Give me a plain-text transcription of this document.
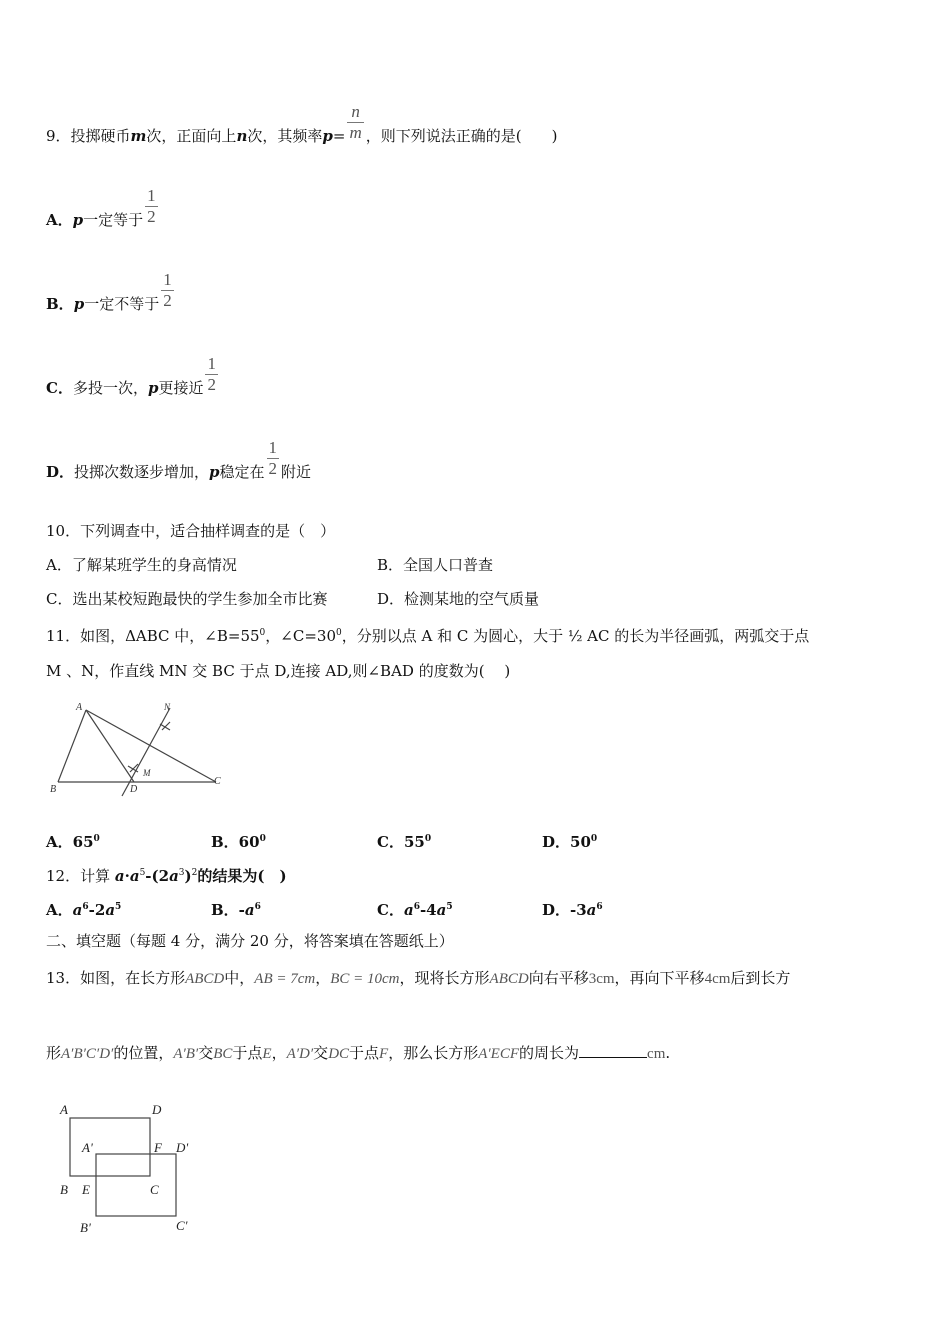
9．投掷硬币m次，正面向上n次，其频率$p= \frac{n}{m}$ ，则下列说法正确的是(　　)
A．p一定等于 $\frac{1}{2}$
B．p一定不等于 $\frac{1}{2}$
C．多投一次，p更接近 $\frac{1}{2}$
D．投掷次数逐步增加，p稳定在 $\frac{1}{2}$ 附近
10．下列调查中，适合抽样调查的是（　）
A．了解某班学生的身高情况	B．全国人口普查
C．选出某校短跑最快的学生参加全市比赛	D．检测某地的空气质量
11．如图，ΔABC 中，$\angle B=55^0$，$\angle C=30^0$，分别以点 A 和 C 为圆心，大于 ½ AC 的长为半径画弧，两弧交于点
M 、N，作直线 MN 交 BC 于点 D,连接 AD,则∠BAD 的度数为(　 )
A
B
C
D
M
N
A．$65^0$	B．$60^0$	C．$55^0$	D．$50^0$
12．计算 $a\cdot a^5-(2a^3)^2$的结果为(　)
A．$a^6-2a^5$	B．$-a^6$	C．$a^6-4a^5$	D．$-3a^6$
二、填空题（每题 4 分，满分 20 分，将答案填在答题纸上）
13．如图，在长方形ABCD中，AB = 7cm，BC = 10cm，现将长方形ABCD向右平移3cm，再向下平移4cm后到长方
形A′B′C′D′的位置，A′B′交BC于点E，A′D′交DC于点F，那么长方形A′ECF的周长为	cm.
A	D
A'	F D'
B E	C
B'	C'
